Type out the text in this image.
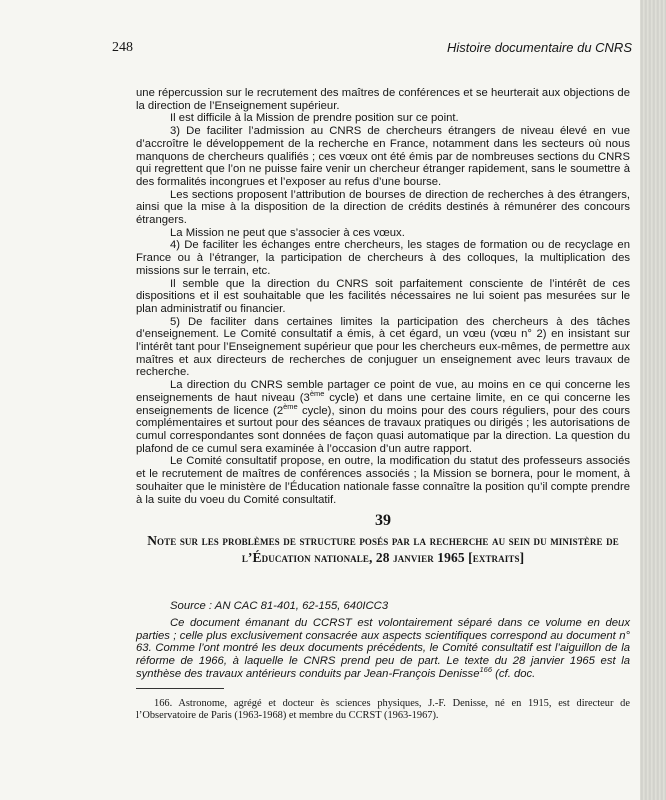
248	Histoire documentaire du CNRS

une répercussion sur le recrutement des maîtres de conférences et se heurterait aux objections de la direction de l’Enseignement supérieur.

Il est difficile à la Mission de prendre position sur ce point.

3) De faciliter l’admission au CNRS de chercheurs étrangers de niveau élevé en vue d’accroître le développement de la recherche en France, notamment dans les secteurs où nous manquons de chercheurs qualifiés ; ces vœux ont été émis par de nombreuses sections du CNRS qui regrettent que l’on ne puisse faire venir un chercheur étranger rapidement, sans le soumettre à des formalités incongrues et l’exposer au refus d’une bourse.

Les sections proposent l’attribution de bourses de direction de recherches à des étrangers, ainsi que la mise à la disposition de la direction de crédits destinés à rémunérer des concours étrangers.

La Mission ne peut que s’associer à ces vœux.

4) De faciliter les échanges entre chercheurs, les stages de formation ou de recyclage en France ou à l’étranger, la participation de chercheurs à des colloques, la multiplication des missions sur le terrain, etc.

Il semble que la direction du CNRS soit parfaitement consciente de l’intérêt de ces dispositions et il est souhaitable que les facilités nécessaires ne lui soient pas mesurées sur le plan administratif ou financier.

5) De faciliter dans certaines limites la participation des chercheurs à des tâches d’enseignement. Le Comité consultatif a émis, à cet égard, un vœu (vœu n° 2) en insistant sur l’intérêt tant pour l’Enseignement supérieur que pour les chercheurs eux-mêmes, de permettre aux maîtres et aux directeurs de recherches de conjuguer un enseignement avec leurs travaux de recherche.

La direction du CNRS semble partager ce point de vue, au moins en ce qui concerne les enseignements de haut niveau (3ème cycle) et dans une certaine limite, en ce qui concerne les enseignements de licence (2ème cycle), sinon du moins pour des cours réguliers, pour des cours complémentaires et surtout pour des séances de travaux pratiques ou dirigés ; les autorisations de cumul correspondantes sont données de façon quasi automatique par la direction. La question du plafond de ce cumul sera examinée à l’occasion d’un autre rapport.

Le Comité consultatif propose, en outre, la modification du statut des professeurs associés et le recrutement de maîtres de conférences associés ; la Mission se bornera, pour le moment, à souhaiter que le ministère de l’Éducation nationale fasse connaître la position qu’il compte prendre à la suite du voeu du Comité consultatif.

39
Note sur les problèmes de structure posés par la recherche au sein du ministère de l’Éducation nationale, 28 janvier 1965 [extraits]
Source : AN CAC 81-401, 62-155, 640ICC3
Ce document émanant du CCRST est volontairement séparé dans ce volume en deux parties ; celle plus exclusivement consacrée aux aspects scientifiques correspond au document n° 63. Comme l’ont montré les deux documents précédents, le Comité consultatif est l’aiguillon de la réforme de 1966, à laquelle le CNRS prend peu de part. Le texte du 28 janvier 1965 est la synthèse des travaux antérieurs conduits par Jean-François Denisse$^{166}$ (cf. doc.
166. Astronome, agrégé et docteur ès sciences physiques, J.-F. Denisse, né en 1915, est directeur de l’Observatoire de Paris (1963-1968) et membre du CCRST (1963-1967).
